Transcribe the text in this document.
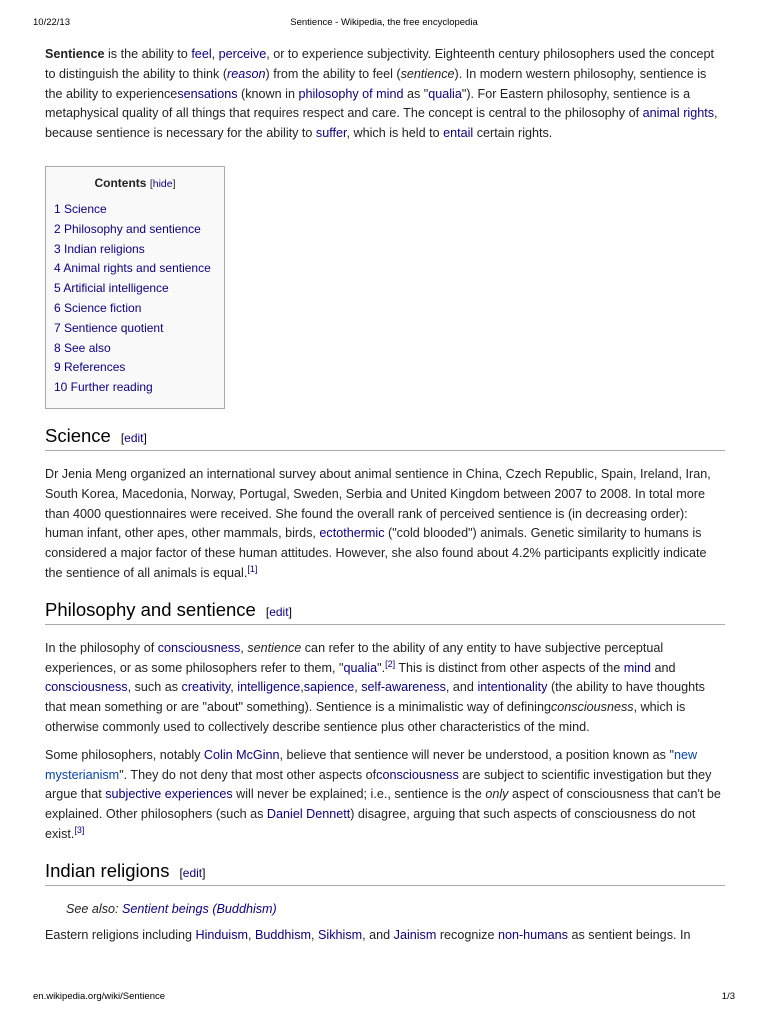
10/22/13	Sentience - Wikipedia, the free encyclopedia

Sentience is the ability to feel, perceive, or to experience subjectivity. Eighteenth century philosophers used the concept to distinguish the ability to think (reason) from the ability to feel (sentience). In modern western philosophy, sentience is the ability to experiencesensations (known in philosophy of mind as "qualia"). For Eastern philosophy, sentience is a metaphysical quality of all things that requires respect and care. The concept is central to the philosophy of animal rights, because sentience is necessary for the ability to suffer, which is held to entail certain rights.

Contents [hide]
1 Science
2 Philosophy and sentience
3 Indian religions
4 Animal rights and sentience
5 Artificial intelligence
6 Science fiction
7 Sentience quotient
8 See also
9 References
10 Further reading
Science [edit]

Dr Jenia Meng organized an international survey about animal sentience in China, Czech Republic, Spain, Ireland, Iran, South Korea, Macedonia, Norway, Portugal, Sweden, Serbia and United Kingdom between 2007 to 2008. In total more than 4000 questionnaires were received. She found the overall rank of perceived sentience is (in decreasing order): human infant, other apes, other mammals, birds, ectothermic ("cold blooded") animals. Genetic similarity to humans is considered a major factor of these human attitudes. However, she also found about 4.2% participants explicitly indicate the sentience of all animals is equal.[1]

Philosophy and sentience [edit]

In the philosophy of consciousness, sentience can refer to the ability of any entity to have subjective perceptual experiences, or as some philosophers refer to them, "qualia".[2] This is distinct from other aspects of the mind and consciousness, such as creativity, intelligence,sapience, self-awareness, and intentionality (the ability to have thoughts that mean something or are "about" something). Sentience is a minimalistic way of definingconsciousness, which is otherwise commonly used to collectively describe sentience plus other characteristics of the mind.

Some philosophers, notably Colin McGinn, believe that sentience will never be understood, a position known as "new mysterianism". They do not deny that most other aspects ofconsciousness are subject to scientific investigation but they argue that subjective experiences will never be explained; i.e., sentience is the only aspect of consciousness that can't be explained. Other philosophers (such as Daniel Dennett) disagree, arguing that such aspects of consciousness do not exist.[3]

Indian religions [edit]
See also: Sentient beings (Buddhism)

Eastern religions including Hinduism, Buddhism, Sikhism, and Jainism recognize non-humans as sentient beings. In

en.wikipedia.org/wiki/Sentience	1/3
